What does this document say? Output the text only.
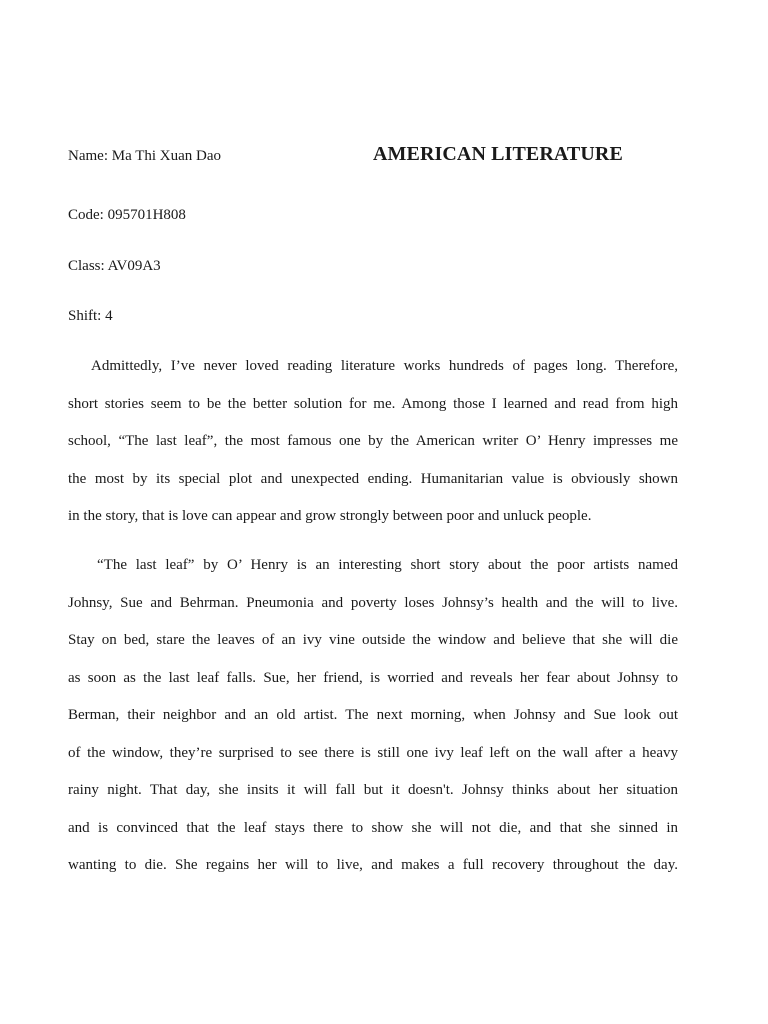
Name: Ma Thi Xuan Dao	AMERICAN LITERATURE
Code: 095701H808
Class: AV09A3
Shift: 4
Admittedly, I’ve never loved reading literature works hundreds of pages long. Therefore,
short stories seem to be the better solution for me. Among those I learned and read from high
school, “The last leaf”, the most famous one by the American writer O’ Henry impresses me
the most by its special plot and unexpected ending. Humanitarian value is obviously shown
in the story, that is love can appear and grow strongly between poor and unluck people.
“The last leaf” by O’ Henry is an interesting short story about the poor artists named
Johnsy, Sue and Behrman. Pneumonia and poverty loses Johnsy’s health and the will to live.
Stay on bed, stare the leaves of an ivy vine outside the window and believe that she will die
as soon as the last leaf falls. Sue, her friend, is worried and reveals her fear about Johnsy to
Berman, their neighbor and an old artist. The next morning, when Johnsy and Sue look out
of the window, they’re surprised to see there is still one ivy leaf left on the wall after a heavy
rainy night. That day, she insits it will fall but it doesn't. Johnsy thinks about her situation
and is convinced that the leaf stays there to show she will not die, and that she sinned in
wanting to die. She regains her will to live, and makes a full recovery throughout the day.
